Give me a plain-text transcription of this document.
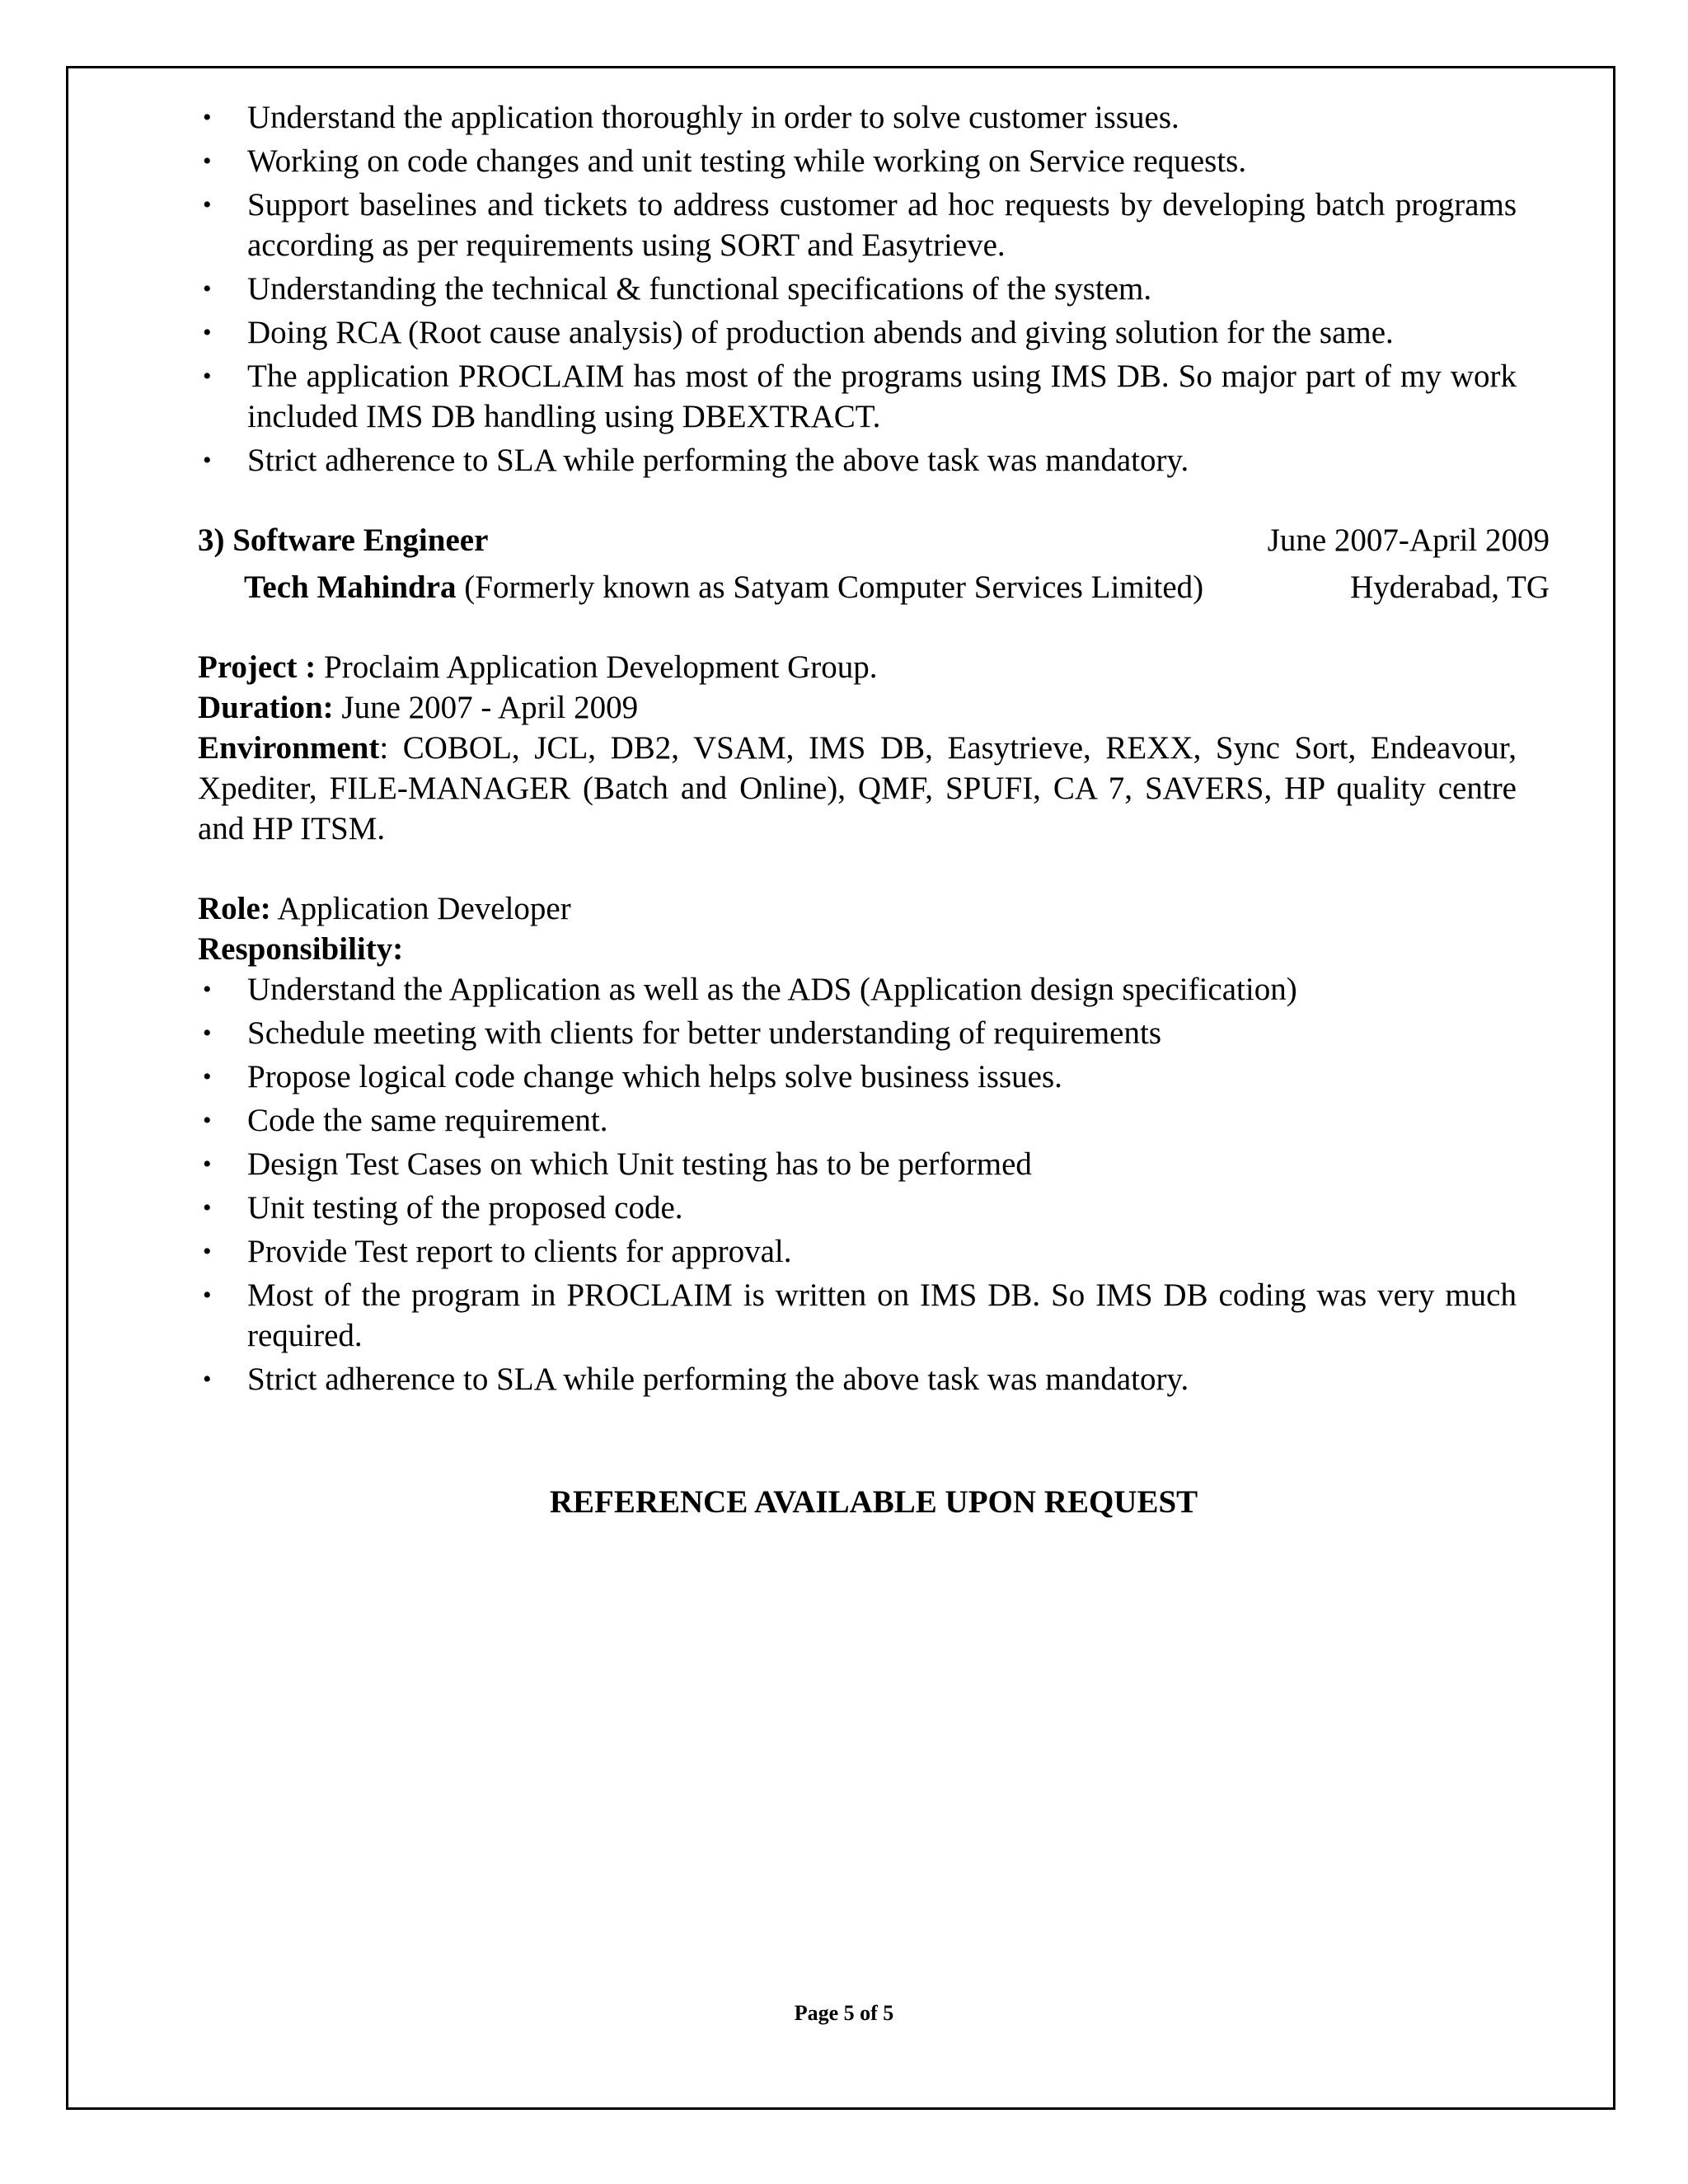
• Understand the application thoroughly in order to solve customer issues.
• Working on code changes and unit testing while working on Service requests.
• Support baselines and tickets to address customer ad hoc requests by developing batch programs according as per requirements using SORT and Easytrieve.
• Understanding the technical & functional specifications of the system.
• Doing RCA (Root cause analysis) of production abends and giving solution for the same.
• The application PROCLAIM has most of the programs using IMS DB. So major part of my work included IMS DB handling using DBEXTRACT.
• Strict adherence to SLA while performing the above task was mandatory.
3) Software Engineer	June 2007-April 2009
Tech Mahindra (Formerly known as Satyam Computer Services Limited)	Hyderabad, TG
Project : Proclaim Application Development Group.
Duration: June 2007 - April 2009
Environment: COBOL, JCL, DB2, VSAM, IMS DB, Easytrieve, REXX, Sync Sort, Endeavour, Xpediter, FILE-MANAGER (Batch and Online), QMF, SPUFI, CA 7, SAVERS, HP quality centre and HP ITSM.
Role: Application Developer
Responsibility:
• Understand the Application as well as the ADS (Application design specification)
• Schedule meeting with clients for better understanding of requirements
• Propose logical code change which helps solve business issues.
• Code the same requirement.
• Design Test Cases on which Unit testing has to be performed
• Unit testing of the proposed code.
• Provide Test report to clients for approval.
• Most of the program in PROCLAIM is written on IMS DB. So IMS DB coding was very much required.
• Strict adherence to SLA while performing the above task was mandatory.
REFERENCE AVAILABLE UPON REQUEST
Page 5 of 5
